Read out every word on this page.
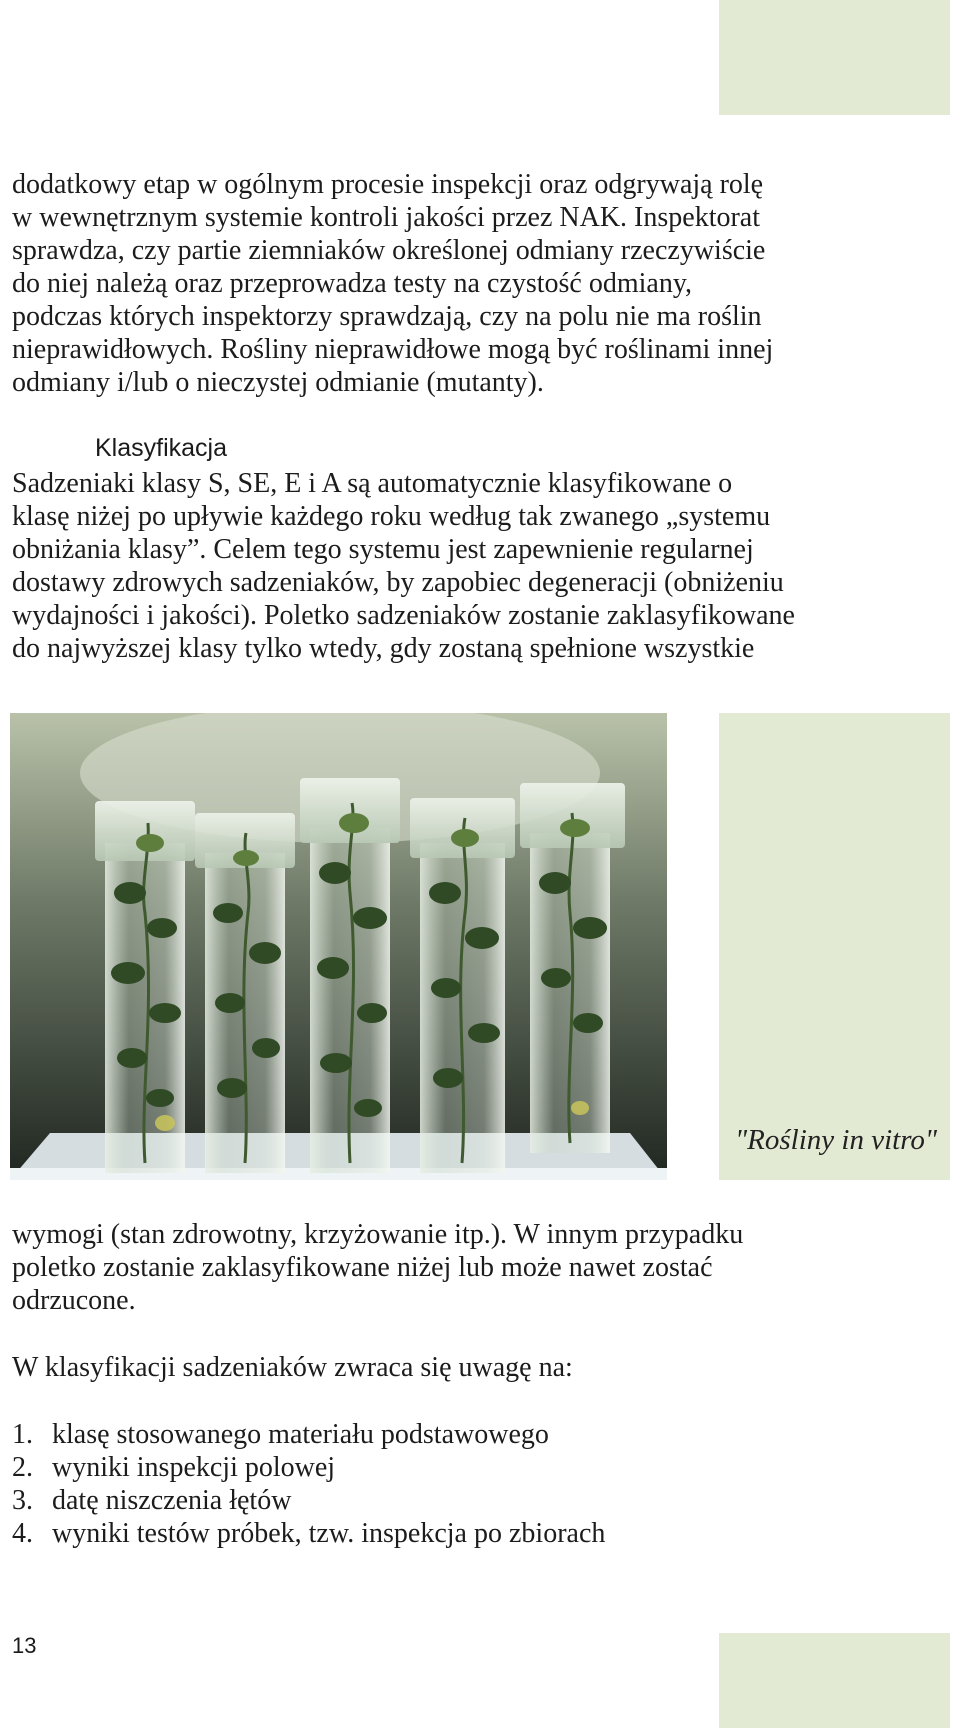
dodatkowy etap w ogólnym procesie inspekcji oraz odgrywają rolę
w wewnętrznym systemie kontroli jakości przez NAK. Inspektorat
sprawdza, czy partie ziemniaków określonej odmiany rzeczywiście
do niej należą oraz przeprowadza testy na czystość odmiany,
podczas których inspektorzy sprawdzają, czy na polu nie ma roślin
nieprawidłowych. Rośliny nieprawidłowe mogą być roślinami innej
odmiany i/lub o nieczystej odmianie (mutanty).

Klasyfikacja

Sadzeniaki klasy S, SE, E i A są automatycznie klasyfikowane o
klasę niżej po upływie każdego roku według tak zwanego „systemu
obniżania klasy”. Celem tego systemu jest zapewnienie regularnej
dostawy zdrowych sadzeniaków, by zapobiec degeneracji (obniżeniu
wydajności i jakości). Poletko sadzeniaków zostanie zaklasyfikowane
do najwyższej klasy tylko wtedy, gdy zostaną spełnione wszystkie

"Rośliny in vitro"

wymogi (stan zdrowotny, krzyżowanie itp.). W innym przypadku
poletko zostanie zaklasyfikowane niżej lub może nawet zostać
odrzucone.

W klasyfikacji sadzeniaków zwraca się uwagę na:

1. klasę stosowanego materiału podstawowego
2. wyniki inspekcji polowej
3. datę niszczenia łętów
4. wyniki testów próbek, tzw. inspekcja po zbiorach

13
